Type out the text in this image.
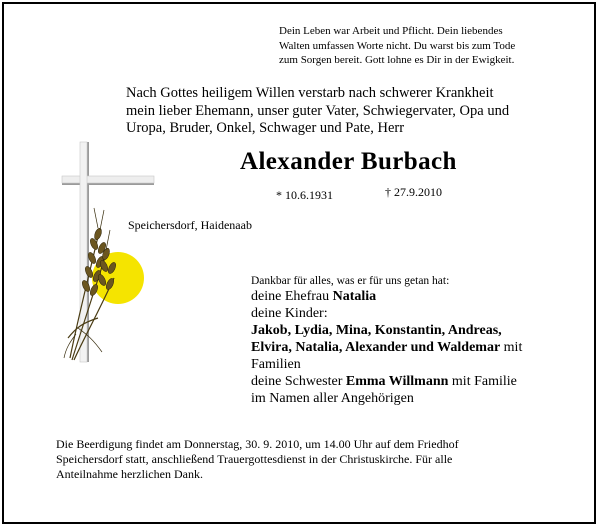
Dein Leben war Arbeit und Pflicht. Dein liebendes
Walten umfassen Worte nicht. Du warst bis zum Tode
zum Sorgen bereit. Gott lohne es Dir in der Ewigkeit.
Nach Gottes heiligem Willen verstarb nach schwerer Krankheit
mein lieber Ehemann, unser guter Vater, Schwiegervater, Opa und
Uropa, Bruder, Onkel, Schwager und Pate, Herr
Alexander Burbach
* 10.6.1931	† 27.9.2010
Speichersdorf, Haidenaab
Dankbar für alles, was er für uns getan hat:
deine Ehefrau Natalia
deine Kinder:
Jakob, Lydia, Mina, Konstantin, Andreas,
Elvira, Natalia, Alexander und Waldemar mit
Familien
deine Schwester Emma Willmann mit Familie
im Namen aller Angehörigen
Die Beerdigung findet am Donnerstag, 30. 9. 2010, um 14.00 Uhr auf dem Friedhof
Speichersdorf statt, anschließend Trauergottesdienst in der Christuskirche. Für alle
Anteilnahme herzlichen Dank.
